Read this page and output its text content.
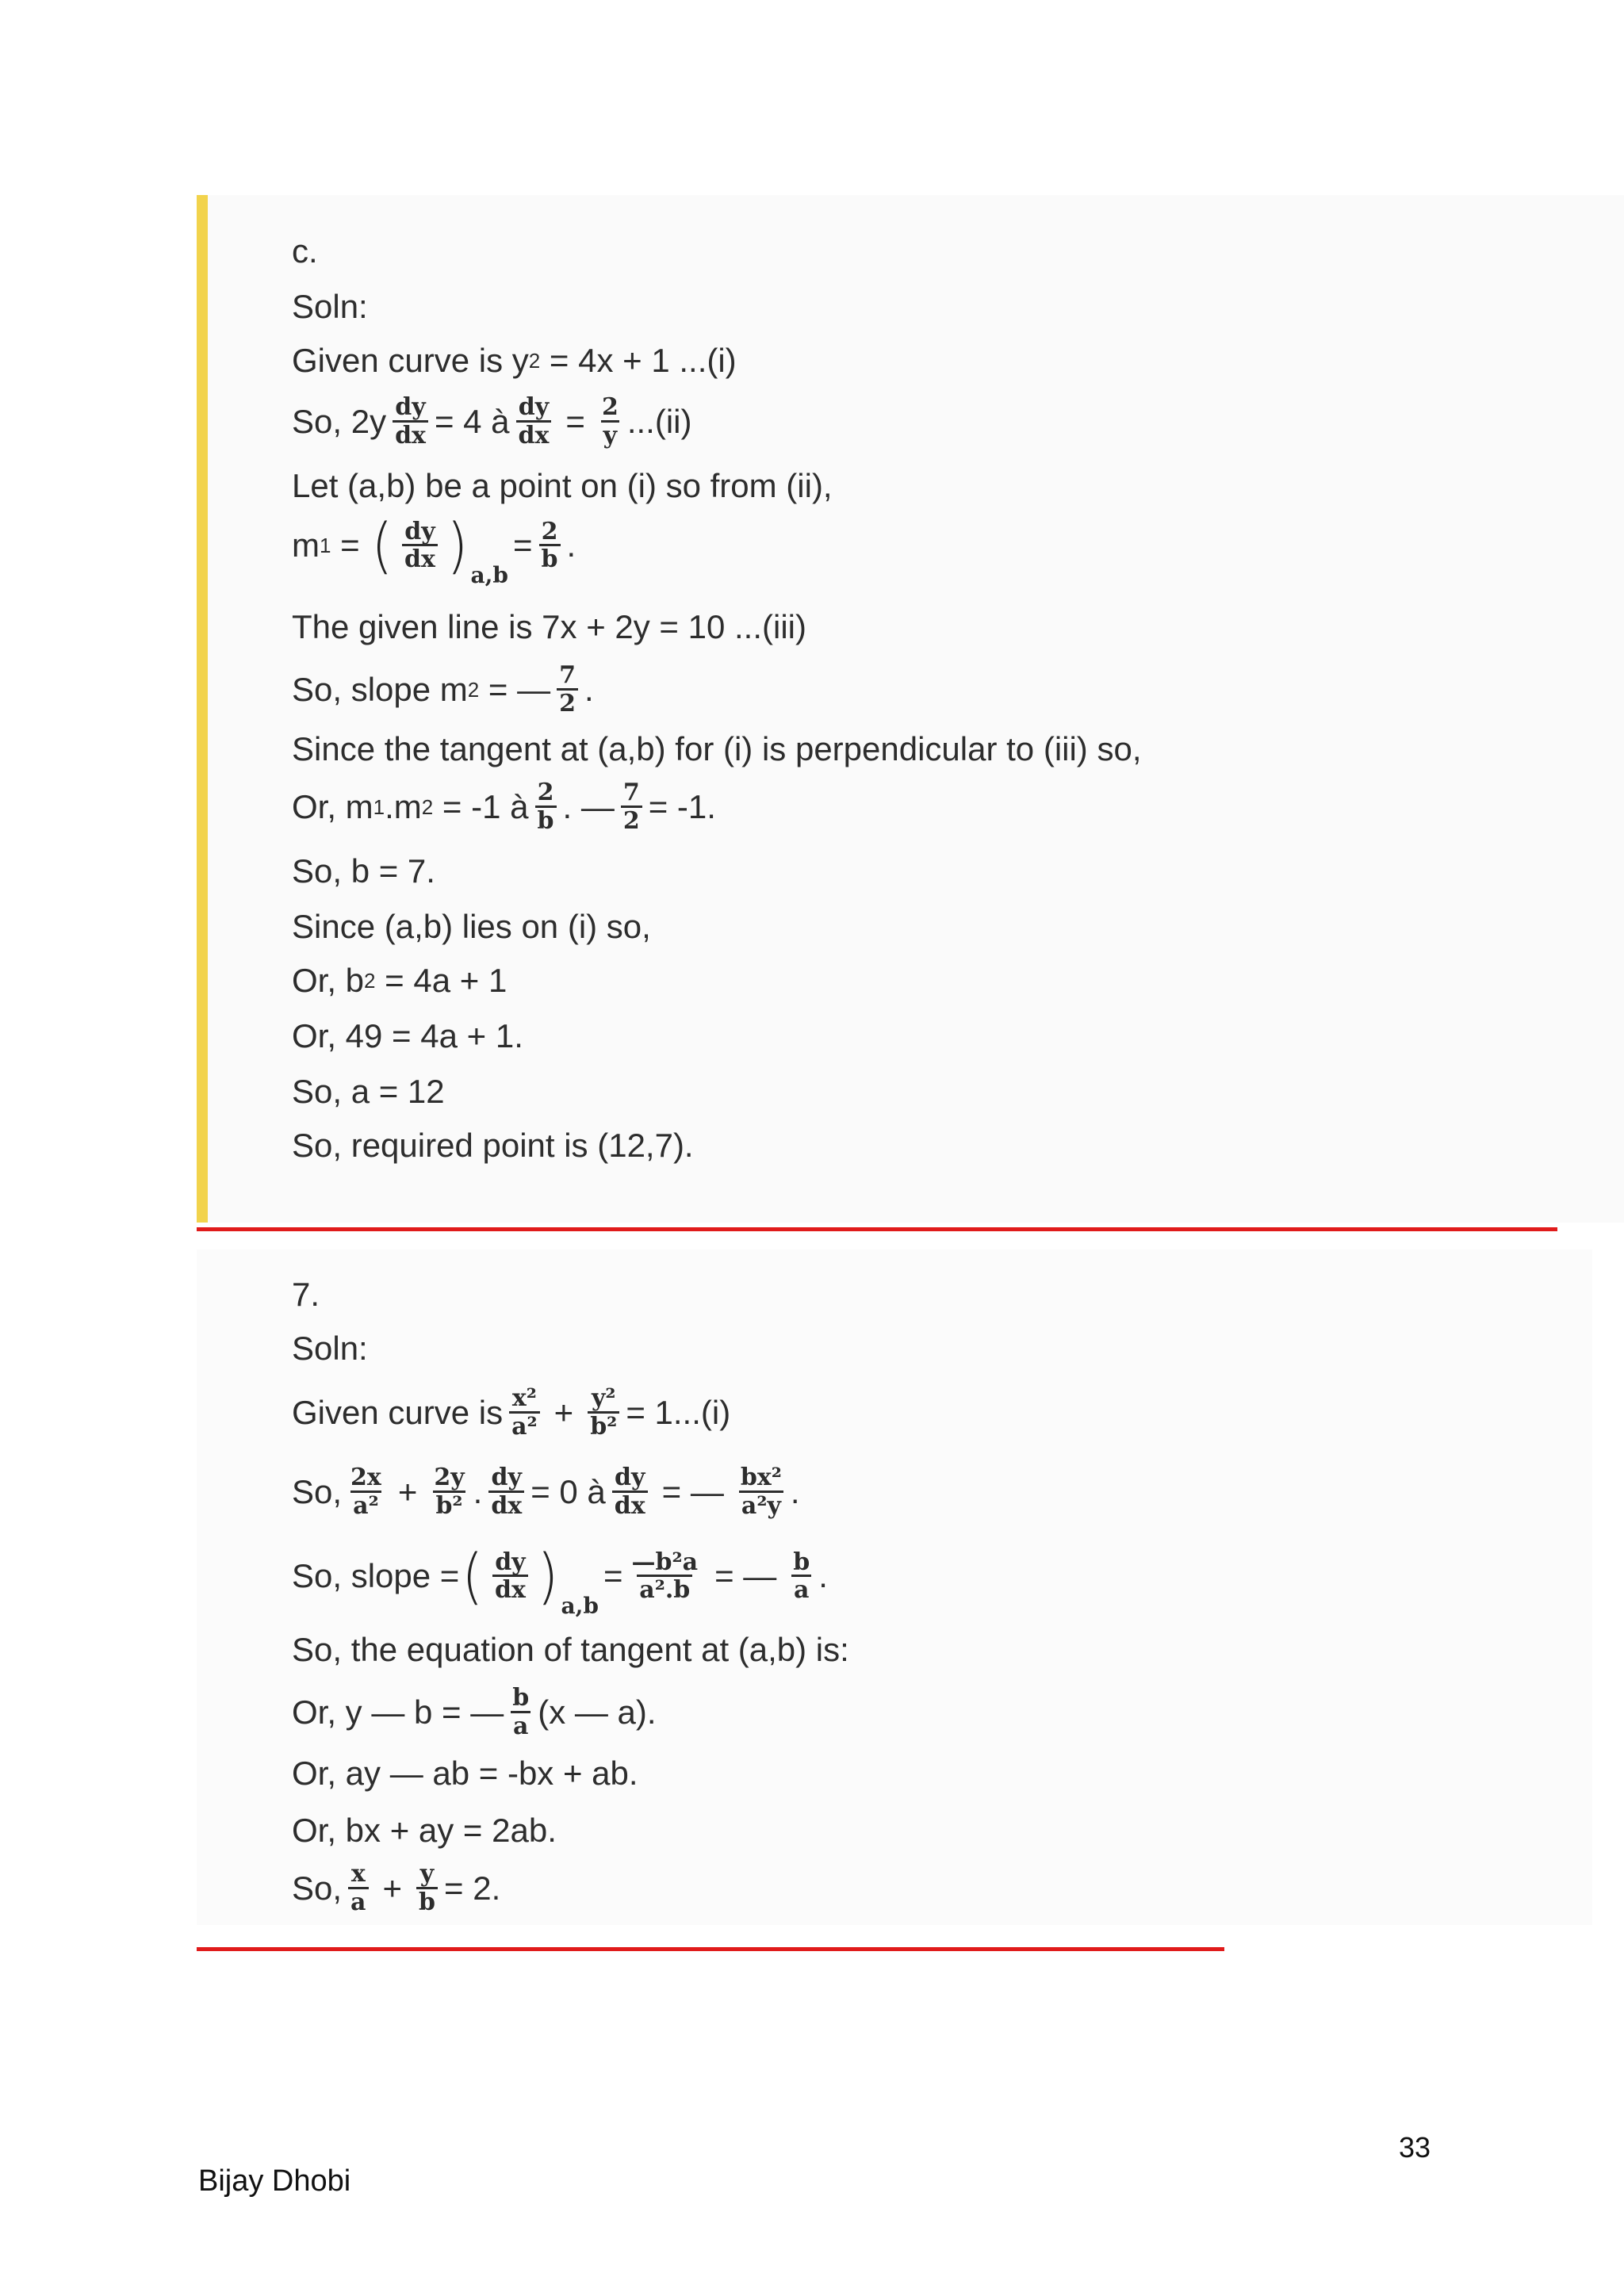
c.
Soln:
Given curve is y 2 = 4x + 1 ...(i)
So, $2y \frac{dy}{dx} = 4$ à $\frac{dy}{dx} = \frac{2}{y} ...(ii)$
Let (a,b) be a point on (i) so from (ii),
m 1 = ( $\frac{dy}{dx}$ ) a,b
= $\frac{2}{b}$ .
The given line is 7x + 2y = 10 ...(iii)
So, slope m 2 = — $\frac{7}{2}$ .
Since the tangent at (a,b) for (i) is perpendicular to (iii) so,
Or, m 1 .m 2 = -1 à $\frac{2}{b}$ . — $\frac{7}{2} = -1$.
So, b = 7.
Since (a,b) lies on (i) so,
Or, b 2 = 4a + 1
Or, 49 = 4a + 1.
So, a = 12
So, required point is (12,7).
7.
Soln:
Given curve is $\frac{\text{x²}}{\text{a²}} + \frac{\text{y²}}{\text{b²}} = 1...(i)$
So, $\frac{2x}{\text{a²}} + \frac{2y}{\text{b²}}$ . $\frac{dy}{dx} = 0$ à $\frac{dy}{dx}$ = — $\frac{\text{bx²}}{\text{a²y}}$ .
So, slope = ( $\frac{dy}{dx}$ ) a,b
= $\frac{\text{—b²a}}{\text{a².b}}$ = — $\frac{b}{a}$ .
So, the equation of tangent at (a,b) is:
Or, y — b = — $\frac{b}{a} (x$ — a).
Or, ay — ab = -bx + ab.
Or, bx + ay = 2ab.
So, $\frac{x}{a} + \frac{y}{b} = 2$.
33
Bijay Dhobi
